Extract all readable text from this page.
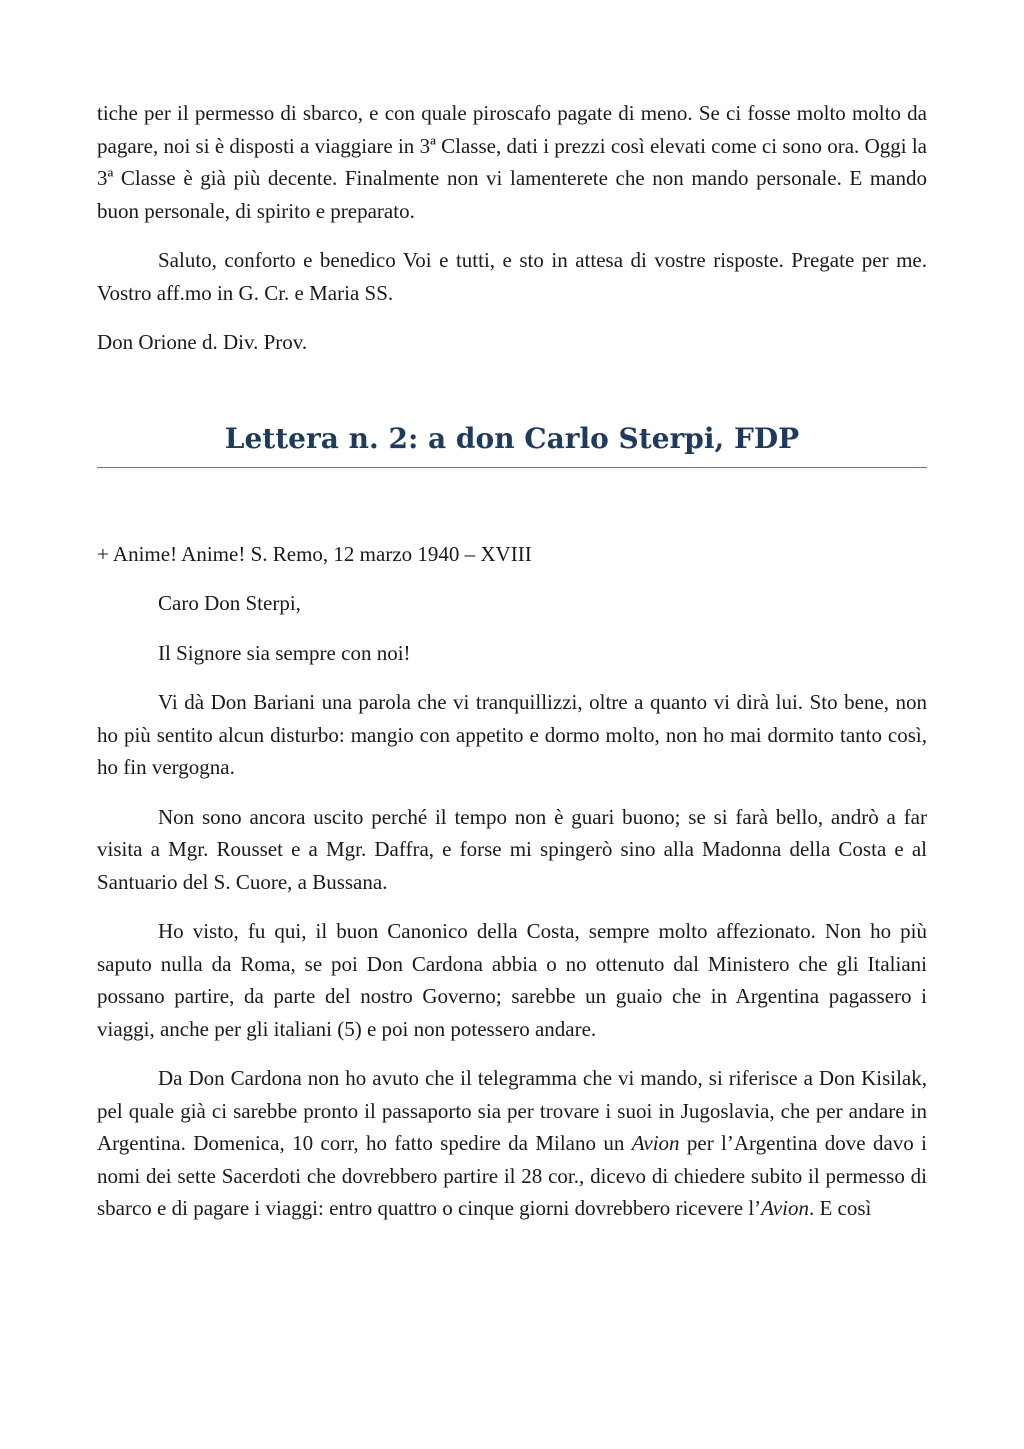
tiche per il permesso di sbarco, e con quale piroscafo pagate di meno. Se ci fosse molto molto da pagare, noi si è disposti a viaggiare in 3ª Classe, dati i prezzi così elevati come ci sono ora. Oggi la 3ª Classe è già più decente. Finalmente non vi lamenterete che non mando personale. E mando buon personale, di spirito e preparato.

Saluto, conforto e benedico Voi e tutti, e sto in attesa di vostre risposte. Pregate per me. Vostro aff.mo in G. Cr. e Maria SS.

Don Orione d. Div. Prov.

Lettera n. 2: a don Carlo Sterpi, FDP

+ Anime! Anime! S. Remo, 12 marzo 1940 – XVIII

Caro Don Sterpi,

Il Signore sia sempre con noi!

Vi dà Don Bariani una parola che vi tranquillizzi, oltre a quanto vi dirà lui. Sto bene, non ho più sentito alcun disturbo: mangio con appetito e dormo molto, non ho mai dormito tanto così, ho fin vergogna.

Non sono ancora uscito perché il tempo non è guari buono; se si farà bello, andrò a far visita a Mgr. Rousset e a Mgr. Daffra, e forse mi spingerò sino alla Madonna della Costa e al Santuario del S. Cuore, a Bussana.

Ho visto, fu qui, il buon Canonico della Costa, sempre molto affezionato. Non ho più saputo nulla da Roma, se poi Don Cardona abbia o no ottenuto dal Ministero che gli Italiani possano partire, da parte del nostro Governo; sarebbe un guaio che in Argentina pagassero i viaggi, anche per gli italiani (5) e poi non potessero andare.

Da Don Cardona non ho avuto che il telegramma che vi mando, si riferisce a Don Kisilak, pel quale già ci sarebbe pronto il passaporto sia per trovare i suoi in Jugoslavia, che per andare in Argentina. Domenica, 10 corr, ho fatto spedire da Milano un Avion per l’Argentina dove davo i nomi dei sette Sacerdoti che dovrebbero partire il 28 cor., dicevo di chiedere subito il permesso di sbarco e di pagare i viaggi: entro quattro o cinque giorni dovrebbero ricevere l’Avion. E così
